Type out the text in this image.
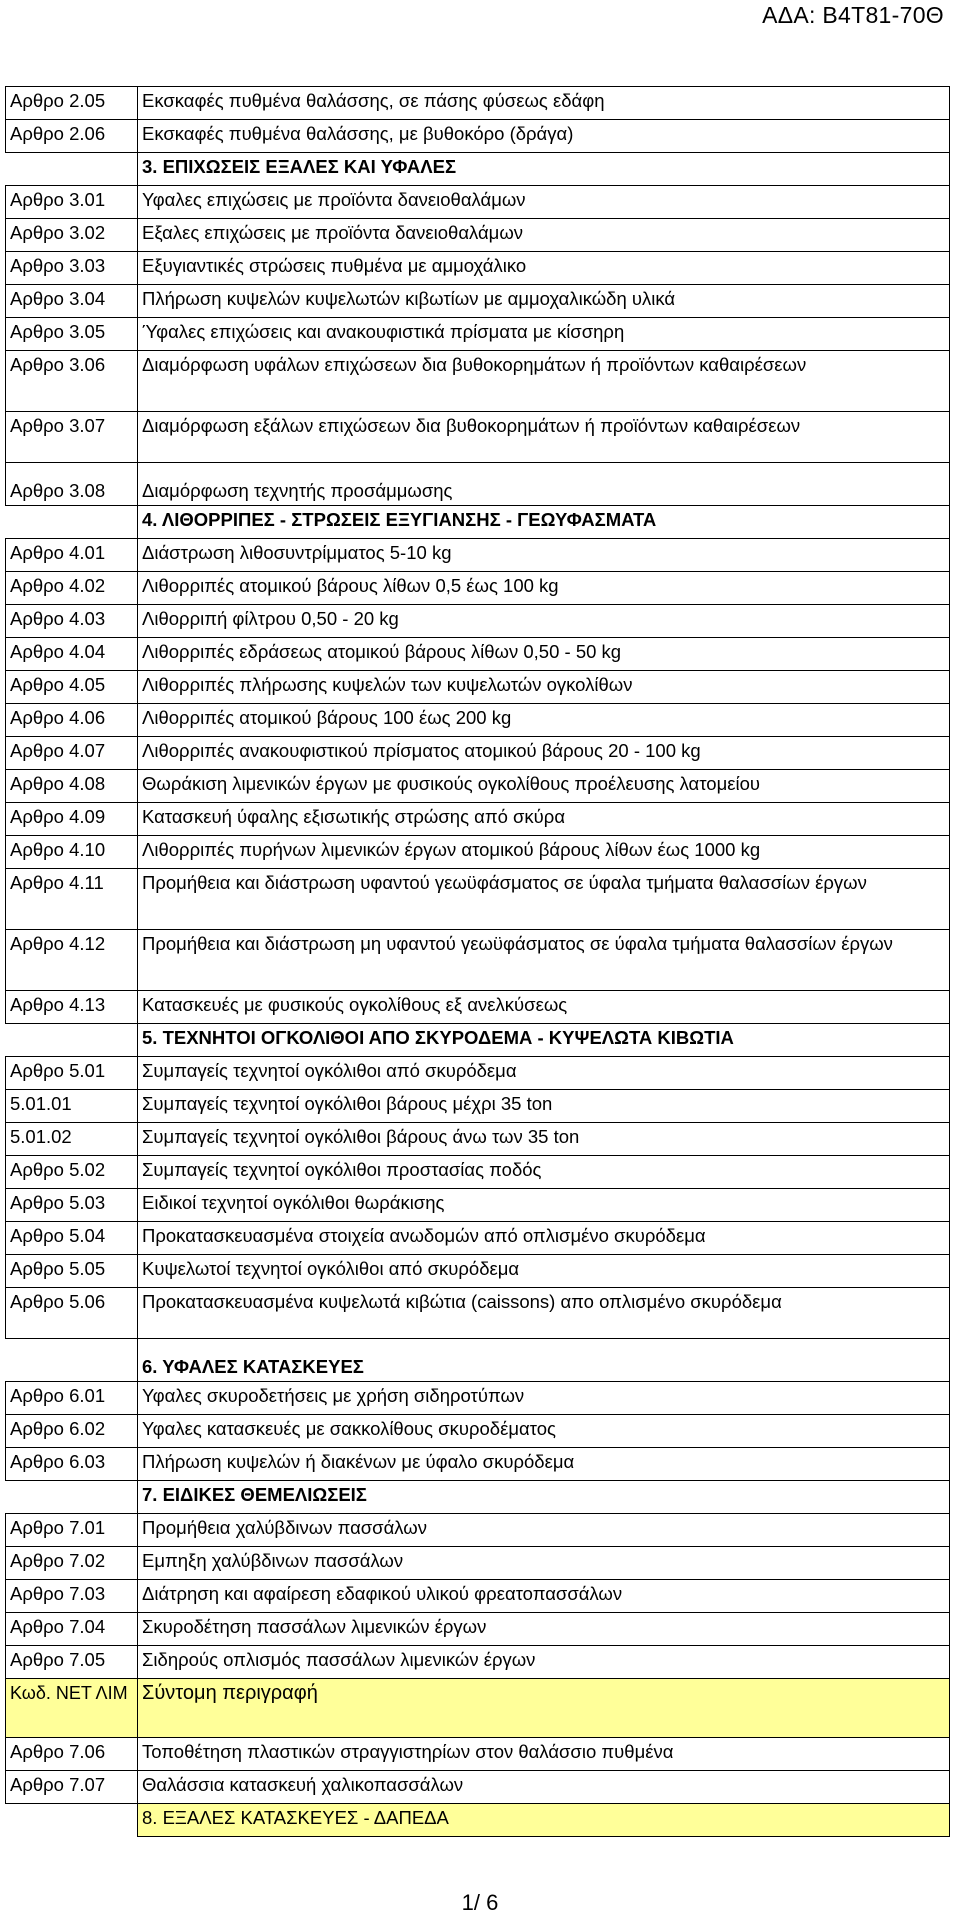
ΑΔΑ: Β4Τ81-70Θ
Αρθρο 2.05	Εκσκαφές πυθμένα θαλάσσης, σε πάσης φύσεως εδάφη
Αρθρο 2.06	Εκσκαφές πυθμένα θαλάσσης, με βυθοκόρο (δράγα)
	3. ΕΠΙΧΩΣΕΙΣ ΕΞΑΛΕΣ ΚΑΙ ΥΦΑΛΕΣ
Αρθρο 3.01	Υφαλες επιχώσεις με προϊόντα δανειοθαλάμων
Αρθρο 3.02	Εξαλες επιχώσεις με προϊόντα δανειοθαλάμων
Αρθρο 3.03	Εξυγιαντικές στρώσεις πυθμένα με αμμοχάλικο
Αρθρο 3.04	Πλήρωση κυψελών κυψελωτών κιβωτίων με αμμοχαλικώδη υλικά
Αρθρο 3.05	Ύφαλες επιχώσεις και ανακουφιστικά πρίσματα με κίσσηρη
Αρθρο 3.06	Διαμόρφωση υφάλων επιχώσεων δια βυθοκορημάτων ή προϊόντων καθαιρέσεων
Αρθρο 3.07	Διαμόρφωση εξάλων επιχώσεων δια βυθοκορημάτων ή προϊόντων καθαιρέσεων
Αρθρο 3.08	Διαμόρφωση τεχνητής προσάμμωσης
	4. ΛΙΘΟΡΡΙΠΕΣ - ΣΤΡΩΣΕΙΣ ΕΞΥΓΙΑΝΣΗΣ - ΓΕΩΥΦΑΣΜΑΤΑ
Αρθρο 4.01	Διάστρωση λιθοσυντρίμματος 5-10 kg
Αρθρο 4.02	Λιθορριπές ατομικού βάρους λίθων 0,5 έως 100 kg
Αρθρο 4.03	Λιθορριπή φίλτρου 0,50 - 20 kg
Αρθρο 4.04	Λιθορριπές εδράσεως ατομικού βάρους λίθων 0,50 - 50 kg
Αρθρο 4.05	Λιθορριπές πλήρωσης κυψελών των κυψελωτών ογκολίθων
Αρθρο 4.06	Λιθορριπές ατομικού βάρους 100 έως 200 kg
Αρθρο 4.07	Λιθορριπές ανακουφιστικού πρίσματος ατομικού βάρους 20 - 100 kg
Αρθρο 4.08	Θωράκιση λιμενικών έργων με φυσικούς ογκολίθους προέλευσης λατομείου
Αρθρο 4.09	Κατασκευή ύφαλης εξισωτικής στρώσης από σκύρα
Αρθρο 4.10	Λιθορριπές πυρήνων λιμενικών έργων ατομικού βάρους λίθων έως 1000 kg
Αρθρο 4.11	Προμήθεια και διάστρωση υφαντού γεωϋφάσματος σε ύφαλα τμήματα θαλασσίων έργων
Αρθρο 4.12	Προμήθεια και διάστρωση μη υφαντού γεωϋφάσματος σε ύφαλα τμήματα θαλασσίων έργων
Αρθρο 4.13	Κατασκευές με φυσικούς ογκολίθους εξ ανελκύσεως
	5. ΤΕΧΝΗΤΟΙ ΟΓΚΟΛΙΘΟΙ ΑΠΟ ΣΚΥΡΟΔΕΜΑ - ΚΥΨΕΛΩΤΑ ΚΙΒΩΤΙΑ
Αρθρο 5.01	Συμπαγείς τεχνητοί ογκόλιθοι από σκυρόδεμα
5.01.01	Συμπαγείς τεχνητοί ογκόλιθοι βάρους μέχρι 35 ton
5.01.02	Συμπαγείς τεχνητοί ογκόλιθοι βάρους άνω των 35 ton
Αρθρο 5.02	Συμπαγείς τεχνητοί ογκόλιθοι προστασίας ποδός
Αρθρο 5.03	Ειδικοί τεχνητοί ογκόλιθοι θωράκισης
Αρθρο 5.04	Προκατασκευασμένα στοιχεία ανωδομών από οπλισμένο σκυρόδεμα
Αρθρο 5.05	Κυψελωτοί τεχνητοί ογκόλιθοι από σκυρόδεμα
Αρθρο 5.06	Προκατασκευασμένα κυψελωτά κιβώτια (caissons) απο οπλισμένο σκυρόδεμα
	6. ΥΦΑΛΕΣ ΚΑΤΑΣΚΕΥΕΣ
Αρθρο 6.01	Υφαλες σκυροδετήσεις με χρήση σιδηροτύπων
Αρθρο 6.02	Υφαλες κατασκευές με σακκολίθους σκυροδέματος
Αρθρο 6.03	Πλήρωση κυψελών ή διακένων με ύφαλο σκυρόδεμα
	7. ΕΙΔΙΚΕΣ ΘΕΜΕΛΙΩΣΕΙΣ
Αρθρο 7.01	Προμήθεια χαλύβδινων πασσάλων
Αρθρο 7.02	Εμπηξη χαλύβδινων πασσάλων
Αρθρο 7.03	Διάτρηση και αφαίρεση εδαφικού υλικού φρεατοπασσάλων
Αρθρο 7.04	Σκυροδέτηση πασσάλων λιμενικών έργων
Αρθρο 7.05	Σιδηρούς οπλισμός πασσάλων λιμενικών έργων
Κωδ. ΝΕΤ ΛΙΜ	Σύντομη περιγραφή
Αρθρο 7.06	Τοποθέτηση πλαστικών στραγγιστηρίων στον θαλάσσιο πυθμένα
Αρθρο 7.07	Θαλάσσια κατασκευή χαλικοπασσάλων
	8. ΕΞΑΛΕΣ ΚΑΤΑΣΚΕΥΕΣ - ΔΑΠΕΔΑ
1/ 6
